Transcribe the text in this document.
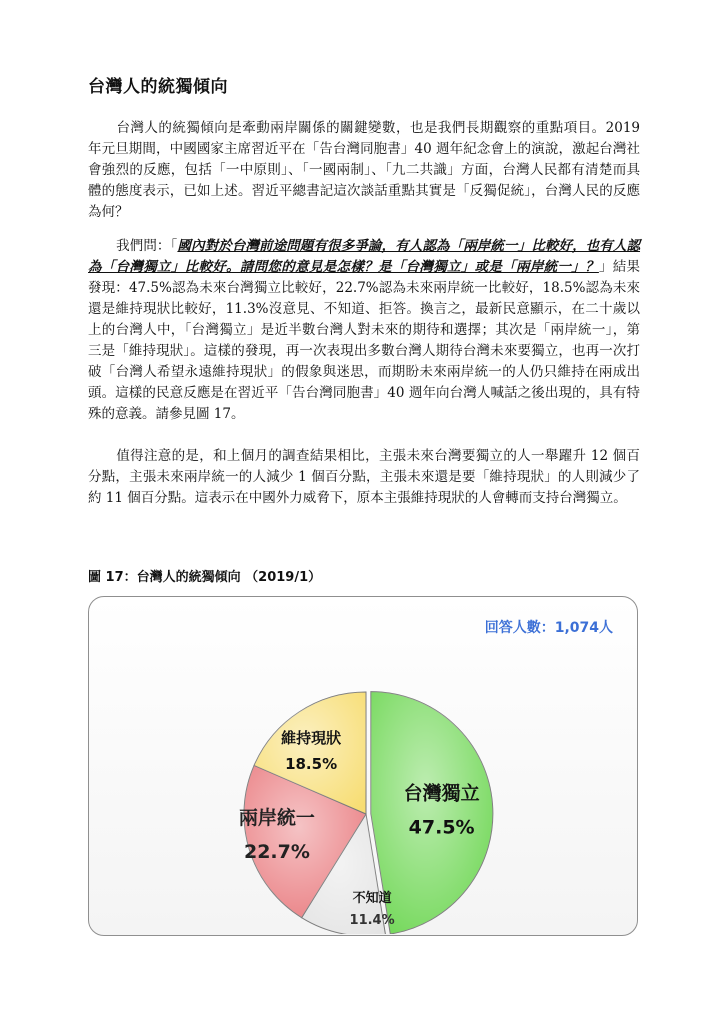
台灣人的統獨傾向

台灣人的統獨傾向是牽動兩岸關係的關鍵變數，也是我們長期觀察的重點項目。2019 年元旦期間，中國國家主席習近平在「告台灣同胞書」40 週年紀念會上的演說，激起台灣社會強烈的反應，包括「一中原則」、「一國兩制」、「九二共識」方面，台灣人民都有清楚而具體的態度表示，已如上述。習近平總書記這次談話重點其實是「反獨促統」，台灣人民的反應為何？

我們問：「國內對於台灣前途問題有很多爭論，有人認為「兩岸統一」比較好，也有人認為「台灣獨立」比較好。請問您的意見是怎樣？是「台灣獨立」或是「兩岸統一」？」結果發現：47.5%認為未來台灣獨立比較好，22.7%認為未來兩岸統一比較好，18.5%認為未來還是維持現狀比較好，11.3%沒意見、不知道、拒答。換言之，最新民意顯示，在二十歲以上的台灣人中，「台灣獨立」是近半數台灣人對未來的期待和選擇；其次是「兩岸統一」，第三是「維持現狀」。這樣的發現，再一次表現出多數台灣人期待台灣未來要獨立，也再一次打破「台灣人希望永遠維持現狀」的假象與迷思，而期盼未來兩岸統一的人仍只維持在兩成出頭。這樣的民意反應是在習近平「告台灣同胞書」40 週年向台灣人喊話之後出現的，具有特殊的意義。請參見圖 17。

值得注意的是，和上個月的調查結果相比，主張未來台灣要獨立的人一舉躍升 12 個百分點，主張未來兩岸統一的人減少 1 個百分點，主張未來還是要「維持現狀」的人則減少了約 11 個百分點。這表示在中國外力威脅下，原本主張維持現狀的人會轉而支持台灣獨立。

圖 17：台灣人的統獨傾向 （2019/1）
回答人數：1,074人
台灣獨立
47.5%
不知道
11.4%
兩岸統一
22.7%
維持現狀
18.5%
